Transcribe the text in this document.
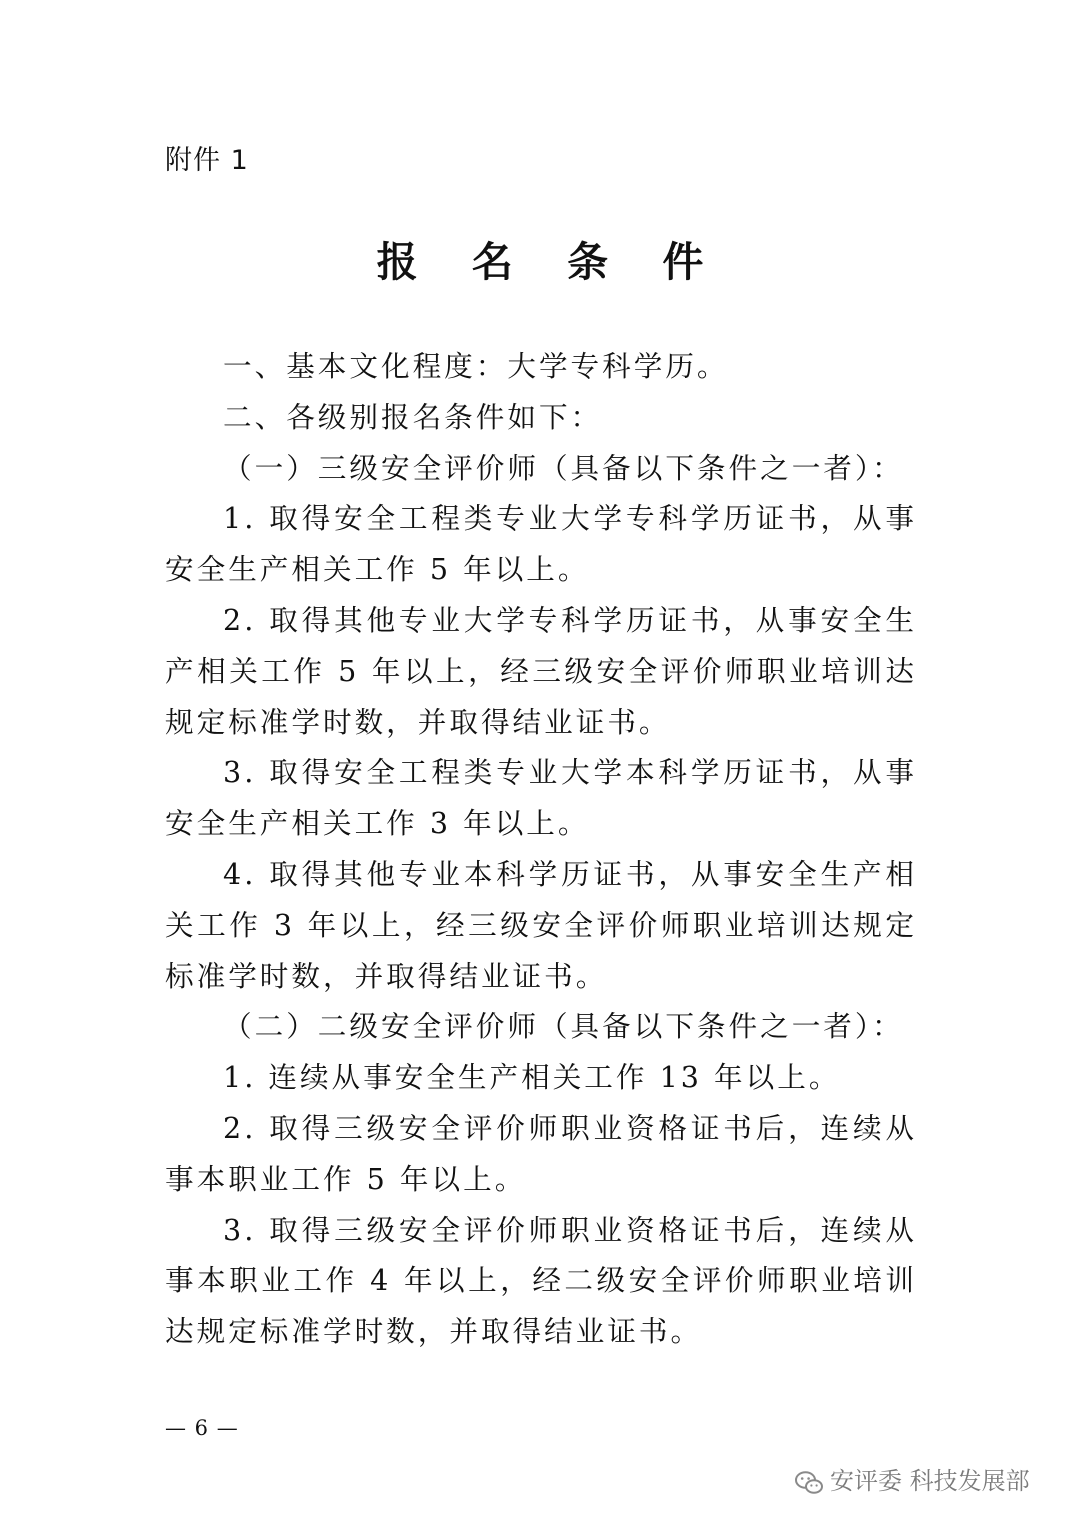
附件 1
报 名 条 件

一、基本文化程度：大学专科学历。

二、各级别报名条件如下：

（一）三级安全评价师（具备以下条件之一者）：

1. 取得安全工程类专业大学专科学历证书，从事安全生产相关工作 5 年以上。

2. 取得其他专业大学专科学历证书，从事安全生产相关工作 5 年以上，经三级安全评价师职业培训达规定标准学时数，并取得结业证书。

3. 取得安全工程类专业大学本科学历证书，从事安全生产相关工作 3 年以上。

4. 取得其他专业本科学历证书，从事安全生产相关工作 3 年以上，经三级安全评价师职业培训达规定标准学时数，并取得结业证书。

（二）二级安全评价师（具备以下条件之一者）：

1. 连续从事安全生产相关工作 13 年以上。

2. 取得三级安全评价师职业资格证书后，连续从事本职业工作 5 年以上。

3. 取得三级安全评价师职业资格证书后，连续从事本职业工作 4 年以上，经二级安全评价师职业培训达规定标准学时数，并取得结业证书。

— 6 —
安评委 科技发展部
